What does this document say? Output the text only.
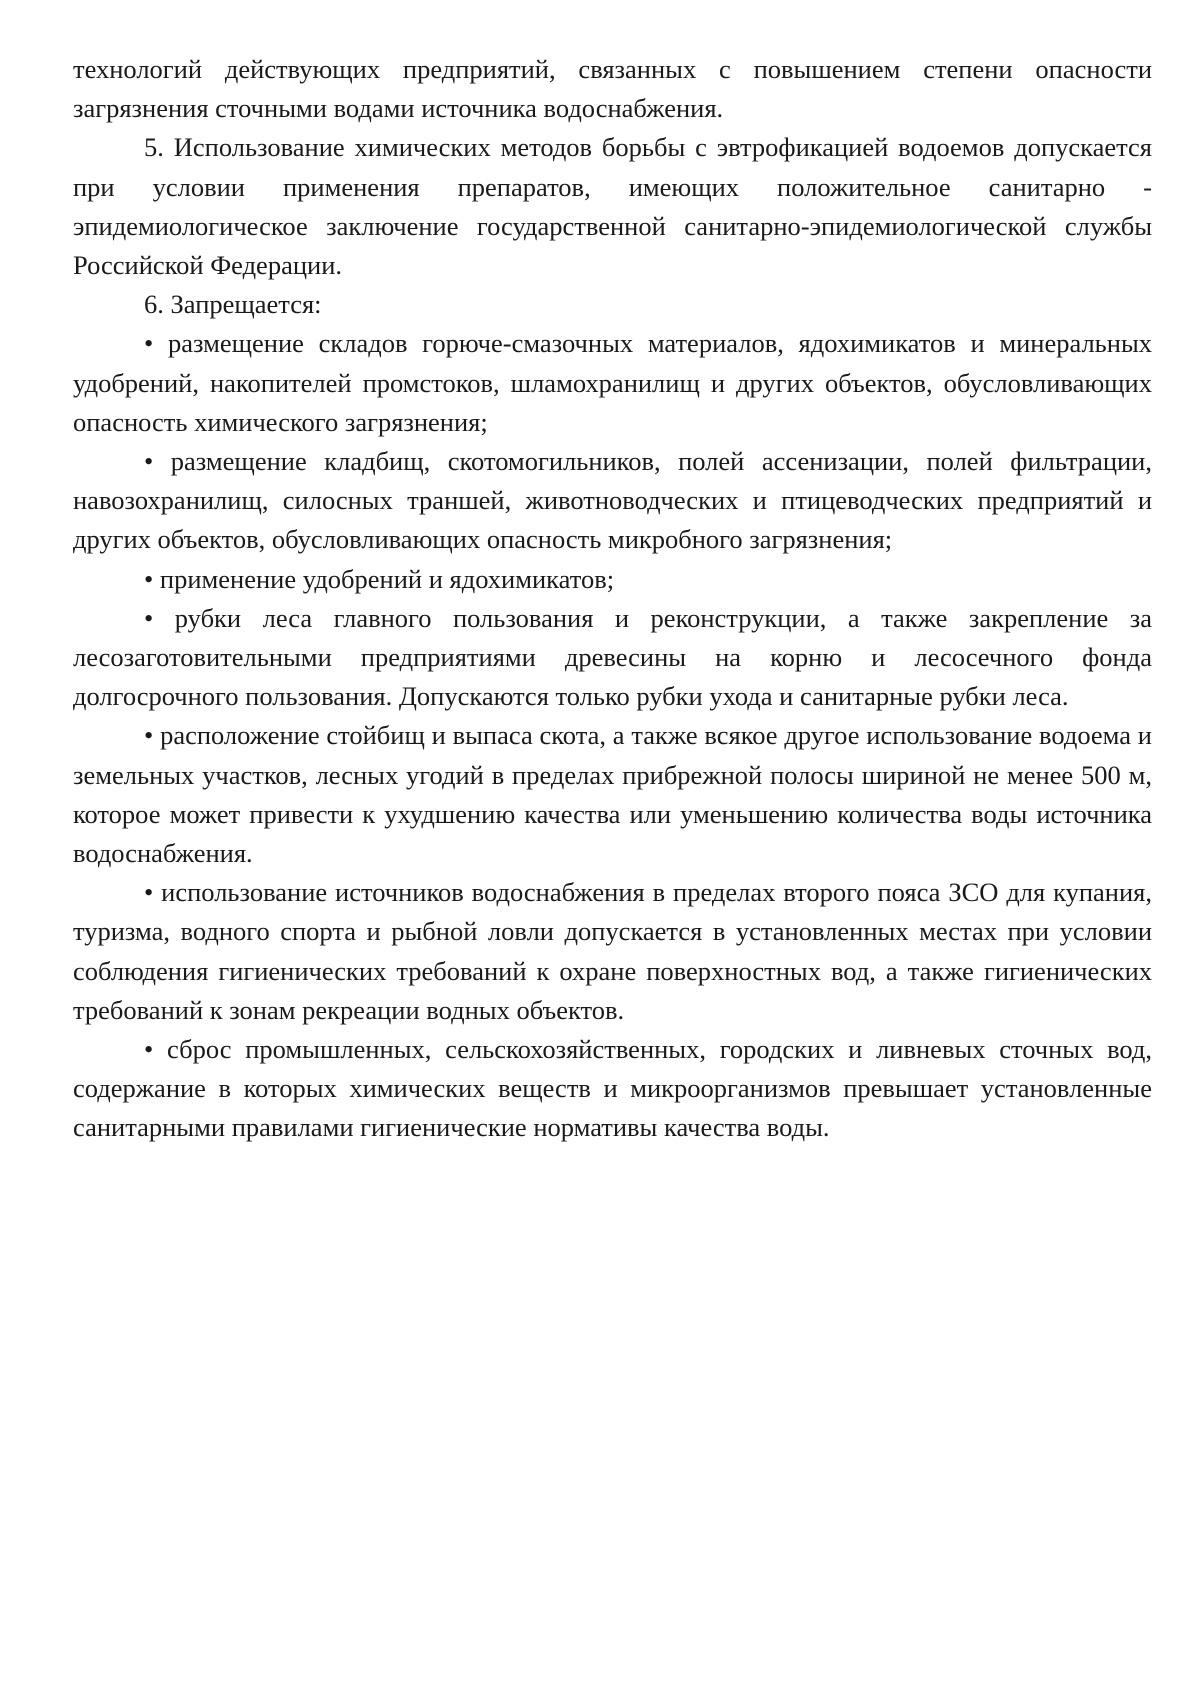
технологий действующих предприятий, связанных с повышением степени опасности загрязнения сточными водами источника водоснабжения.

5. Использование химических методов борьбы с эвтрофикацией водоемов допускается при условии применения препаратов, имеющих положительное санитарно - эпидемиологическое заключение государственной санитарно-эпидемиологической службы Российской Федерации.

6. Запрещается:

• размещение складов горюче-смазочных материалов, ядохимикатов и минеральных удобрений, накопителей промстоков, шламохранилищ и других объектов, обусловливающих опасность химического загрязнения;

• размещение кладбищ, скотомогильников, полей ассенизации, полей фильтрации, навозохранилищ, силосных траншей, животноводческих и птицеводческих предприятий и других объектов, обусловливающих опасность микробного загрязнения;

• применение удобрений и ядохимикатов;

• рубки леса главного пользования и реконструкции, а также закрепление за лесозаготовительными предприятиями древесины на корню и лесосечного фонда долгосрочного пользования. Допускаются только рубки ухода и санитарные рубки леса.

• расположение стойбищ и выпаса скота, а также всякое другое использование водоема и земельных участков, лесных угодий в пределах прибрежной полосы шириной не менее 500 м, которое может привести к ухудшению качества или уменьшению количества воды источника водоснабжения.

• использование источников водоснабжения в пределах второго пояса ЗСО для купания, туризма, водного спорта и рыбной ловли допускается в установленных местах при условии соблюдения гигиенических требований к охране поверхностных вод, а также гигиенических требований к зонам рекреации водных объектов.

• сброс промышленных, сельскохозяйственных, городских и ливневых сточных вод, содержание в которых химических веществ и микроорганизмов превышает установленные санитарными правилами гигиенические нормативы качества воды.
